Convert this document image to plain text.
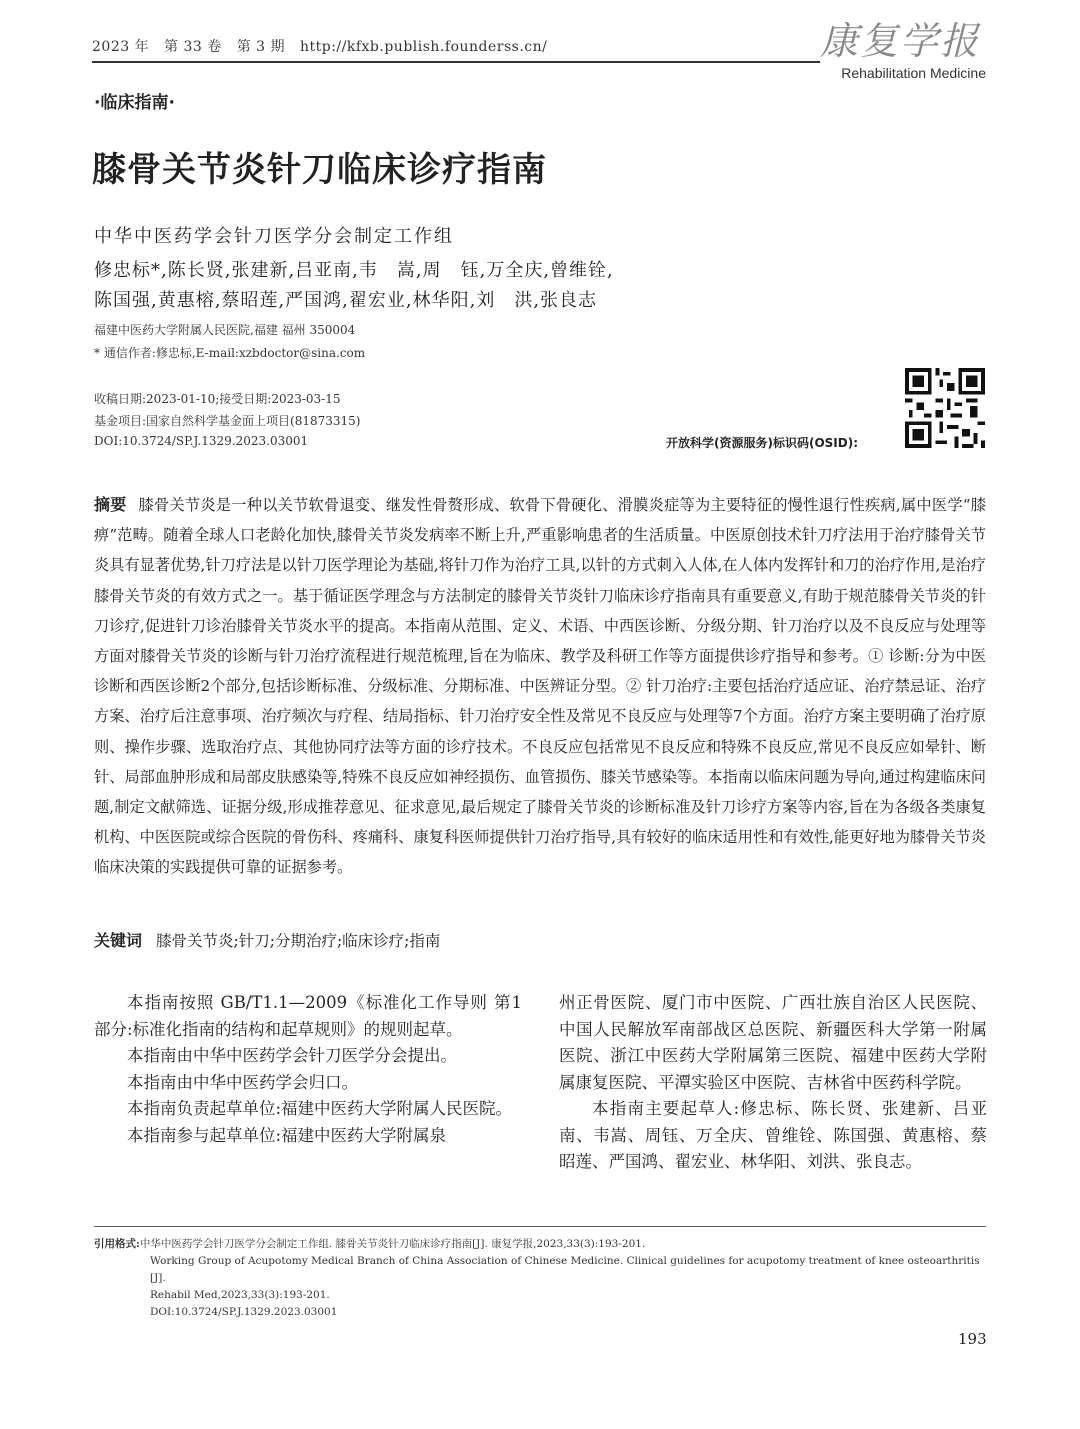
2023 年 第 33 卷 第 3 期 http://kfxb.publish.founderss.cn/	康复学报
Rehabilitation Medicine
·临床指南·
膝骨关节炎针刀临床诊疗指南
中华中医药学会针刀医学分会制定工作组
修忠标*,陈长贤,张建新,吕亚南,韦　嵩,周　钰,万全庆,曾维铨,
陈国强,黄惠榕,蔡昭莲,严国鸿,翟宏业,林华阳,刘　洪,张良志
福建中医药大学附属人民医院,福建 福州 350004
* 通信作者:修忠标,E-mail:xzbdoctor@sina.com
收稿日期:2023-01-10;接受日期:2023-03-15
基金项目:国家自然科学基金面上项目(81873315)
DOI:10.3724/SP.J.1329.2023.03001	开放科学(资源服务)标识码(OSID):
摘要 膝骨关节炎是一种以关节软骨退变、继发性骨赘形成、软骨下骨硬化、滑膜炎症等为主要特征的慢性退行性疾病,属中医学“膝痹”范畴。随着全球人口老龄化加快,膝骨关节炎发病率不断上升,严重影响患者的生活质量。中医原创技术针刀疗法用于治疗膝骨关节炎具有显著优势,针刀疗法是以针刀医学理论为基础,将针刀作为治疗工具,以针的方式刺入人体,在人体内发挥针和刀的治疗作用,是治疗膝骨关节炎的有效方式之一。基于循证医学理念与方法制定的膝骨关节炎针刀临床诊疗指南具有重要意义,有助于规范膝骨关节炎的针刀诊疗,促进针刀诊治膝骨关节炎水平的提高。本指南从范围、定义、术语、中西医诊断、分级分期、针刀治疗以及不良反应与处理等方面对膝骨关节炎的诊断与针刀治疗流程进行规范梳理,旨在为临床、教学及科研工作等方面提供诊疗指导和参考。① 诊断:分为中医诊断和西医诊断2个部分,包括诊断标准、分级标准、分期标准、中医辨证分型。② 针刀治疗:主要包括治疗适应证、治疗禁忌证、治疗方案、治疗后注意事项、治疗频次与疗程、结局指标、针刀治疗安全性及常见不良反应与处理等7个方面。治疗方案主要明确了治疗原则、操作步骤、选取治疗点、其他协同疗法等方面的诊疗技术。不良反应包括常见不良反应和特殊不良反应,常见不良反应如晕针、断针、局部血肿形成和局部皮肤感染等,特殊不良反应如神经损伤、血管损伤、膝关节感染等。本指南以临床问题为导向,通过构建临床问题,制定文献筛选、证据分级,形成推荐意见、征求意见,最后规定了膝骨关节炎的诊断标准及针刀诊疗方案等内容,旨在为各级各类康复机构、中医医院或综合医院的骨伤科、疼痛科、康复科医师提供针刀治疗指导,具有较好的临床适用性和有效性,能更好地为膝骨关节炎临床决策的实践提供可靠的证据参考。
关键词 膝骨关节炎;针刀;分期治疗;临床诊疗;指南

本指南按照 GB/T1.1—2009《标准化工作导则 第1部分:标准化指南的结构和起草规则》的规则起草。

本指南由中华中医药学会针刀医学分会提出。

本指南由中华中医药学会归口。

本指南负责起草单位:福建中医药大学附属人民医院。

本指南参与起草单位:福建中医药大学附属泉

州正骨医院、厦门市中医院、广西壮族自治区人民医院、中国人民解放军南部战区总医院、新疆医科大学第一附属医院、浙江中医药大学附属第三医院、福建中医药大学附属康复医院、平潭实验区中医院、吉林省中医药科学院。

本指南主要起草人:修忠标、陈长贤、张建新、吕亚南、韦嵩、周钰、万全庆、曾维铨、陈国强、黄惠榕、蔡昭莲、严国鸿、翟宏业、林华阳、刘洪、张良志。

引用格式:中华中医药学会针刀医学分会制定工作组. 膝骨关节炎针刀临床诊疗指南[J]. 康复学报,2023,33(3):193-201.
Working Group of Acupotomy Medical Branch of China Association of Chinese Medicine. Clinical guidelines for acupotomy treatment of knee osteoarthritis [J].
Rehabil Med,2023,33(3):193-201.
DOI:10.3724/SP.J.1329.2023.03001
193
